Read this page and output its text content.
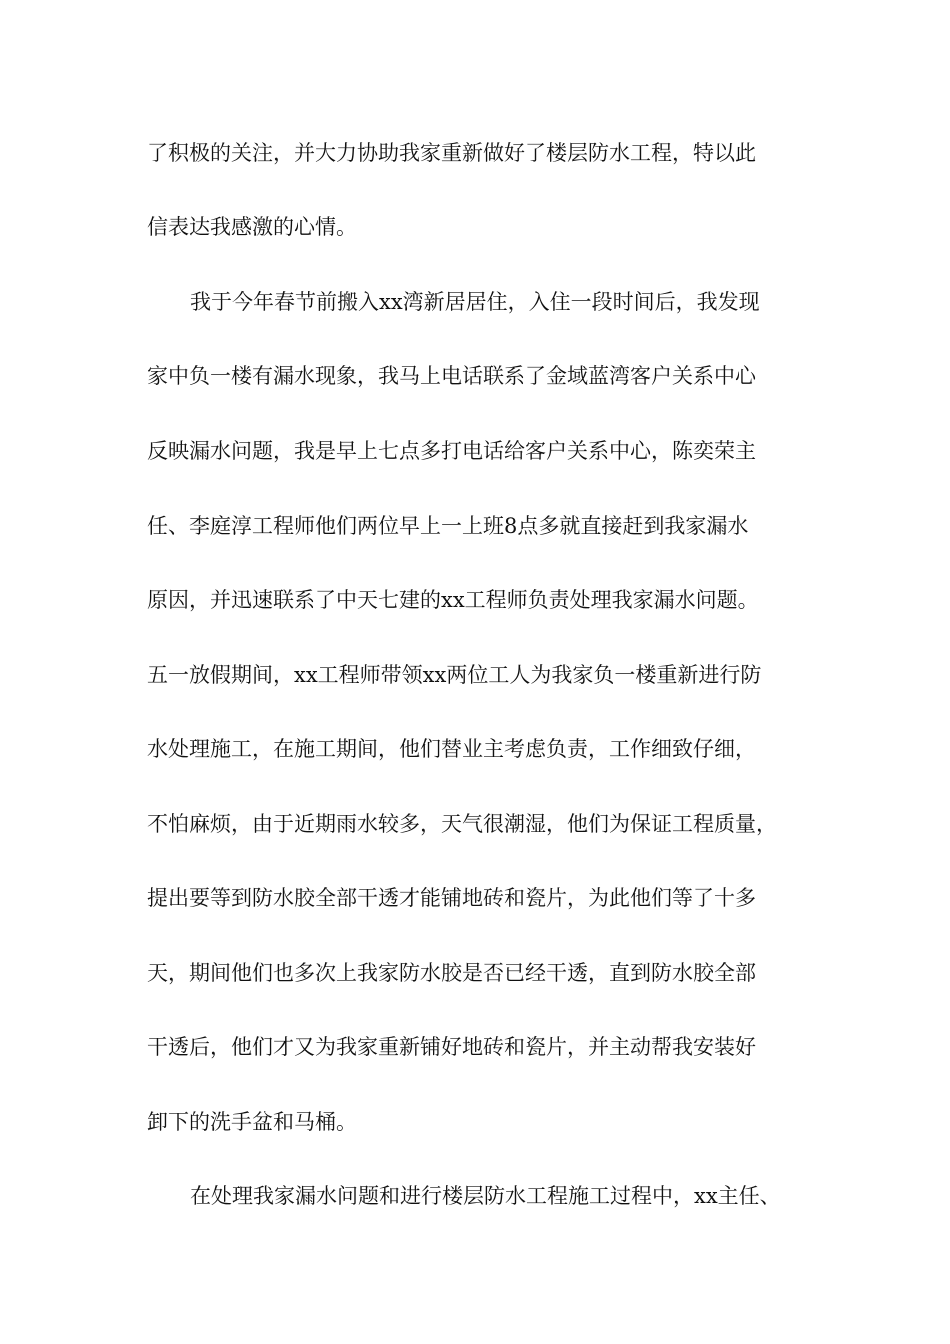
了积极的关注，并大力协助我家重新做好了楼层防水工程，特以此
信表达我感激的心情。
我于今年春节前搬入xx湾新居居住，入住一段时间后，我发现
家中负一楼有漏水现象，我马上电话联系了金域蓝湾客户关系中心
反映漏水问题，我是早上七点多打电话给客户关系中心，陈奕荣主
任、李庭淳工程师他们两位早上一上班8点多就直接赶到我家漏水
原因，并迅速联系了中天七建的xx工程师负责处理我家漏水问题。
五一放假期间，xx工程师带领xx两位工人为我家负一楼重新进行防
水处理施工，在施工期间，他们替业主考虑负责，工作细致仔细，
不怕麻烦，由于近期雨水较多，天气很潮湿，他们为保证工程质量，
提出要等到防水胶全部干透才能铺地砖和瓷片，为此他们等了十多
天，期间他们也多次上我家防水胶是否已经干透，直到防水胶全部
干透后，他们才又为我家重新铺好地砖和瓷片，并主动帮我安装好
卸下的洗手盆和马桶。
在处理我家漏水问题和进行楼层防水工程施工过程中，xx主任、
